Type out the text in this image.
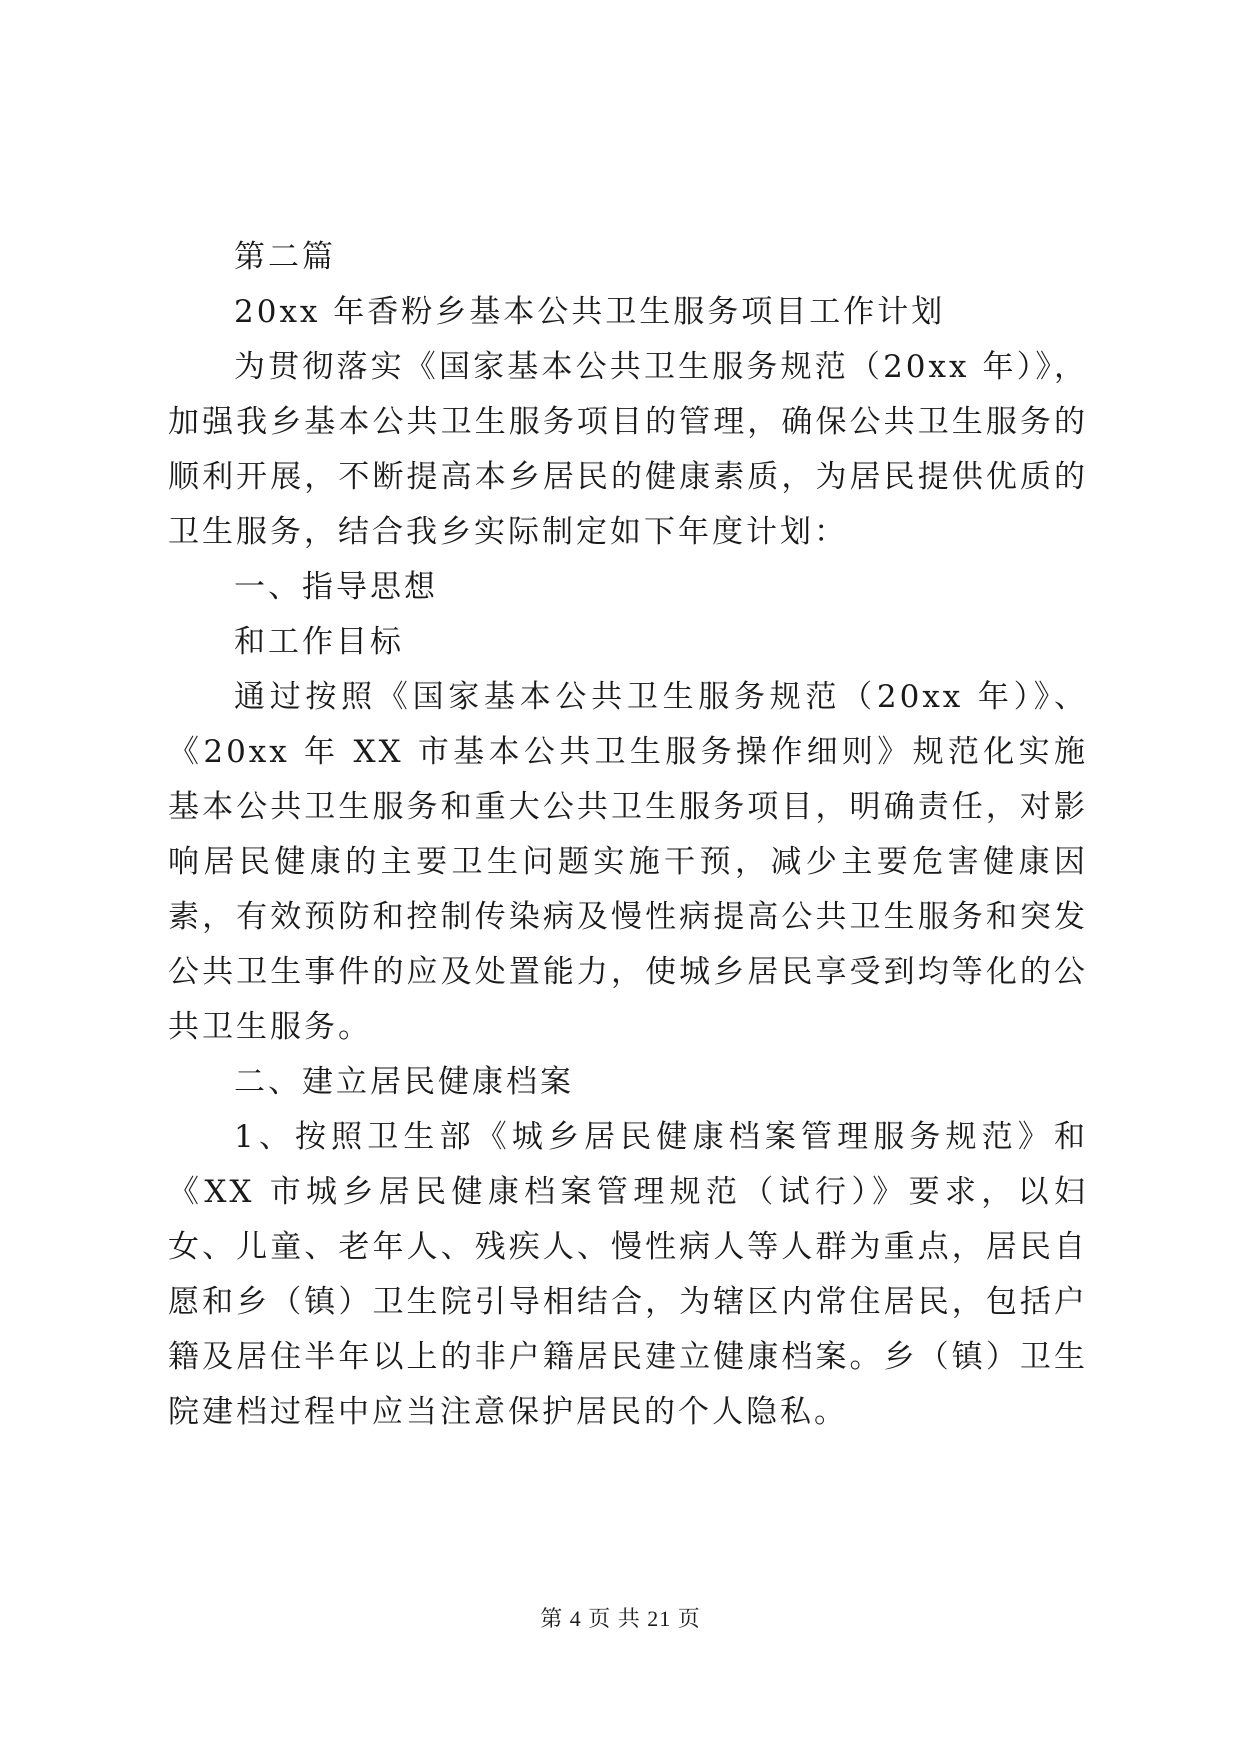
第二篇

20xx 年香粉乡基本公共卫生服务项目工作计划

为贯彻落实《国家基本公共卫生服务规范（20xx 年）》，加强我乡基本公共卫生服务项目的管理，确保公共卫生服务的顺利开展，不断提高本乡居民的健康素质，为居民提供优质的卫生服务，结合我乡实际制定如下年度计划：

一、指导思想

和工作目标

通过按照《国家基本公共卫生服务规范（20xx 年）》、《20xx 年 XX 市基本公共卫生服务操作细则》规范化实施基本公共卫生服务和重大公共卫生服务项目，明确责任，对影响居民健康的主要卫生问题实施干预，减少主要危害健康因素，有效预防和控制传染病及慢性病提高公共卫生服务和突发公共卫生事件的应及处置能力，使城乡居民享受到均等化的公共卫生服务。

二、建立居民健康档案

1、按照卫生部《城乡居民健康档案管理服务规范》和《XX 市城乡居民健康档案管理规范（试行）》要求，以妇女、儿童、老年人、残疾人、慢性病人等人群为重点，居民自愿和乡（镇）卫生院引导相结合，为辖区内常住居民，包括户籍及居住半年以上的非户籍居民建立健康档案。乡（镇）卫生院建档过程中应当注意保护居民的个人隐私。

第 4 页 共 21 页
